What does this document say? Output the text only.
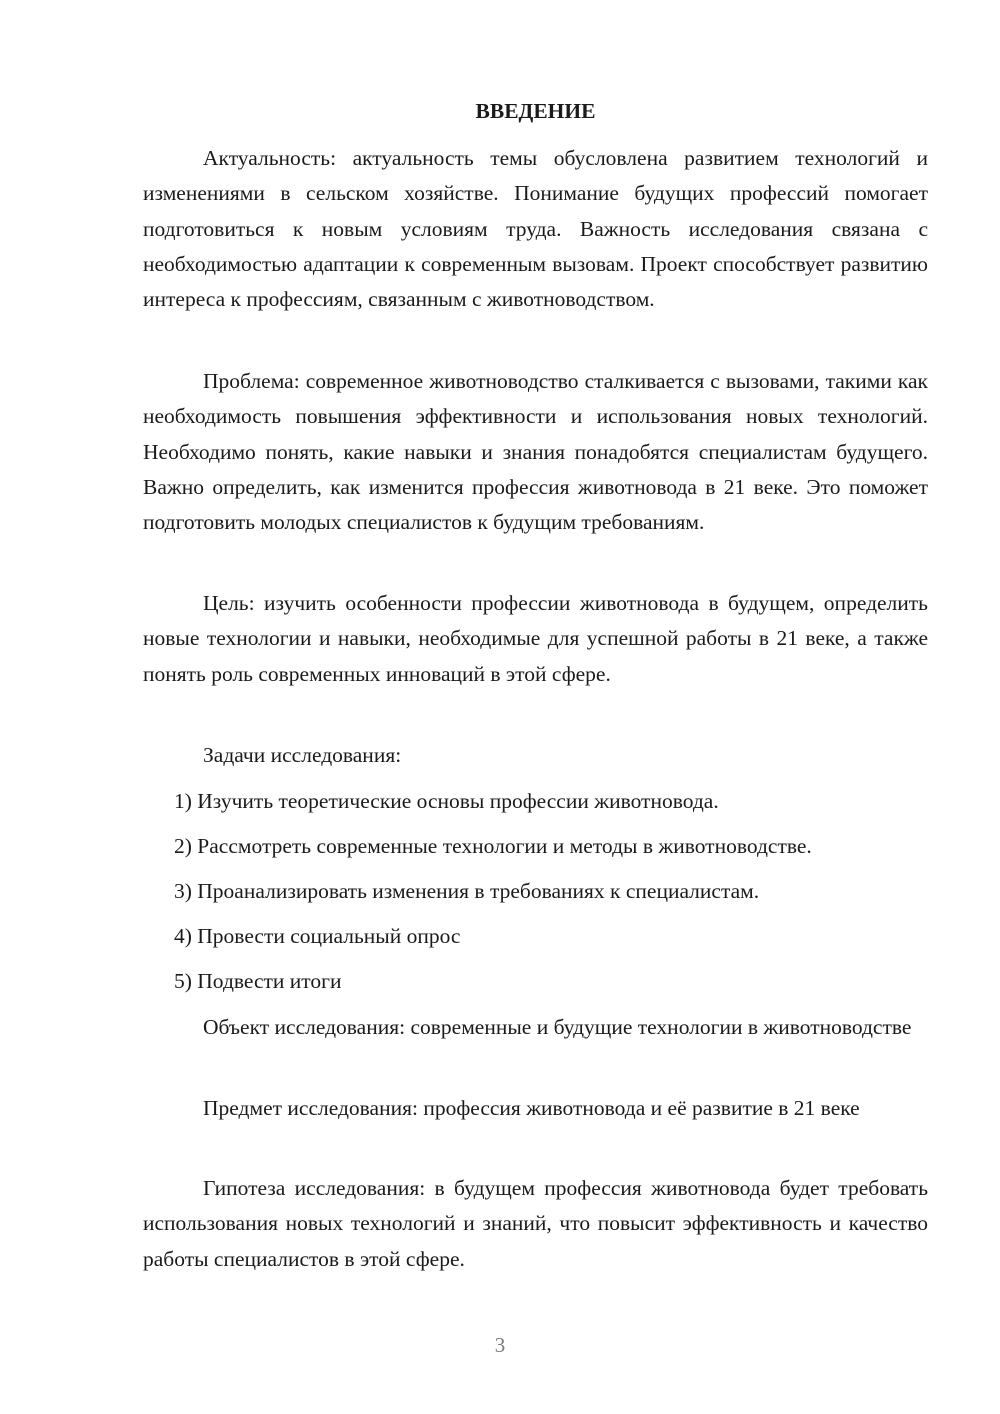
ВВЕДЕНИЕ
Актуальность: актуальность темы обусловлена развитием технологий и изменениями в сельском хозяйстве. Понимание будущих профессий помогает подготовиться к новым условиям труда. Важность исследования связана с необходимостью адаптации к современным вызовам. Проект способствует развитию интереса к профессиям, связанным с животноводством.
Проблема: современное животноводство сталкивается с вызовами, такими как необходимость повышения эффективности и использования новых технологий. Необходимо понять, какие навыки и знания понадобятся специалистам будущего. Важно определить, как изменится профессия животновода в 21 веке. Это поможет подготовить молодых специалистов к будущим требованиям.
Цель: изучить особенности профессии животновода в будущем, определить новые технологии и навыки, необходимые для успешной работы в 21 веке, а также понять роль современных инноваций в этой сфере.
Задачи исследования:
1) Изучить теоретические основы профессии животновода.
2) Рассмотреть современные технологии и методы в животноводстве.
3) Проанализировать изменения в требованиях к специалистам.
4) Провести социальный опрос
5) Подвести итоги
Объект исследования: современные и будущие технологии в животноводстве
Предмет исследования: профессия животновода и её развитие в 21 веке
Гипотеза исследования: в будущем профессия животновода будет требовать использования новых технологий и знаний, что повысит эффективность и качество работы специалистов в этой сфере.
3
